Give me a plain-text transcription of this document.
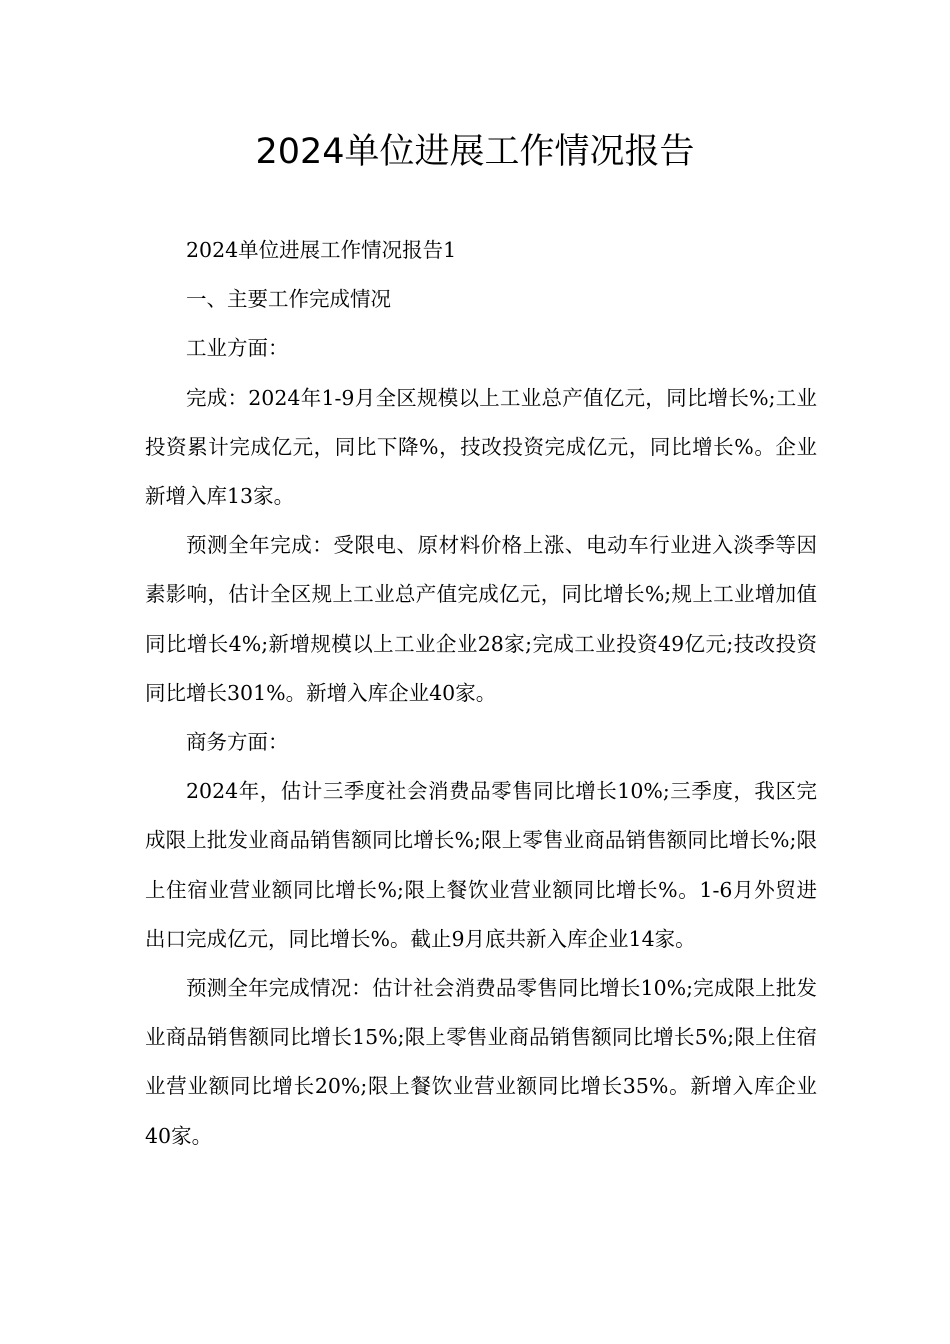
2024单位进展工作情况报告

2024单位进展工作情况报告1

一、主要工作完成情况

工业方面：

完成：2024年1-9月全区规模以上工业总产值亿元，同比增长%;工业投资累计完成亿元，同比下降%，技改投资完成亿元，同比增长%。企业新增入库13家。

预测全年完成：受限电、原材料价格上涨、电动车行业进入淡季等因素影响，估计全区规上工业总产值完成亿元，同比增长%;规上工业增加值同比增长4%;新增规模以上工业企业28家;完成工业投资49亿元;技改投资同比增长301%。新增入库企业40家。

商务方面：

2024年，估计三季度社会消费品零售同比增长10%;三季度，我区完成限上批发业商品销售额同比增长%;限上零售业商品销售额同比增长%;限上住宿业营业额同比增长%;限上餐饮业营业额同比增长%。1-6月外贸进出口完成亿元，同比增长%。截止9月底共新入库企业14家。

预测全年完成情况：估计社会消费品零售同比增长10%;完成限上批发业商品销售额同比增长15%;限上零售业商品销售额同比增长5%;限上住宿业营业额同比增长20%;限上餐饮业营业额同比增长35%。新增入库企业40家。
